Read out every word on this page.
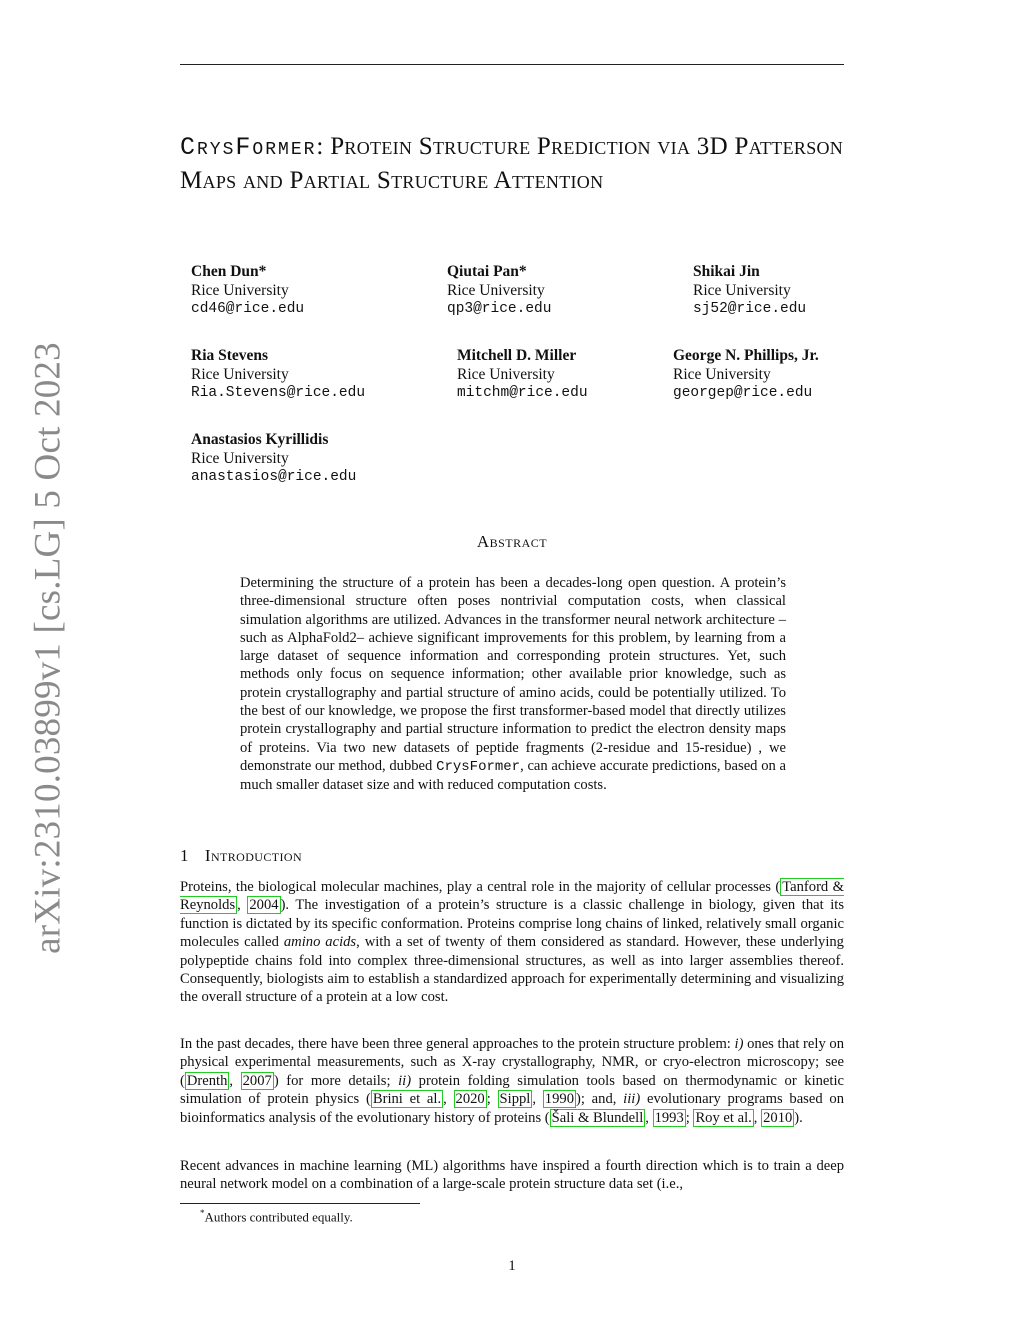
arXiv:2310.03899v1 [cs.LG] 5 Oct 2023
CrysFormer: Protein Structure Prediction via 3D Patterson Maps and Partial Structure Attention
Chen Dun*
Rice University
cd46@rice.edu
Qiutai Pan*
Rice University
qp3@rice.edu
Shikai Jin
Rice University
sj52@rice.edu
Ria Stevens
Rice University
Ria.Stevens@rice.edu
Mitchell D. Miller
Rice University
mitchm@rice.edu
George N. Phillips, Jr.
Rice University
georgep@rice.edu
Anastasios Kyrillidis
Rice University
anastasios@rice.edu
Abstract
Determining the structure of a protein has been a decades-long open question. A protein’s three-dimensional structure often poses nontrivial computation costs, when classical simulation algorithms are utilized. Advances in the transformer neural network architecture –such as AlphaFold2– achieve significant improvements for this problem, by learning from a large dataset of sequence information and corresponding protein structures. Yet, such methods only focus on sequence information; other available prior knowledge, such as protein crystallography and partial structure of amino acids, could be potentially utilized. To the best of our knowledge, we propose the first transformer-based model that directly utilizes protein crystallography and partial structure information to predict the electron density maps of proteins. Via two new datasets of peptide fragments (2-residue and 15-residue) , we demonstrate our method, dubbed CrysFormer, can achieve accurate predictions, based on a much smaller dataset size and with reduced computation costs.
1 Introduction

Proteins, the biological molecular machines, play a central role in the majority of cellular processes ( Tanford & Reynolds , 2004 ). The investigation of a protein’s structure is a classic challenge in biology, given that its function is dictated by its specific conformation. Proteins comprise long chains of linked, relatively small organic molecules called amino acids, with a set of twenty of them considered as standard. However, these underlying polypeptide chains fold into complex three-dimensional structures, as well as into larger assemblies thereof. Consequently, biologists aim to establish a standardized approach for experimentally determining and visualizing the overall structure of a protein at a low cost.

In the past decades, there have been three general approaches to the protein structure problem: i) ones that rely on physical experimental measurements, such as X-ray crystallography, NMR, or cryo-electron microscopy; see ( Drenth , 2007 ) for more details; ii) protein folding simulation tools based on thermodynamic or kinetic simulation of protein physics ( Brini et al. , 2020 ; Sippl , 1990 ); and, iii) evolutionary programs based on bioinformatics analysis of the evolutionary history of proteins ( Šali & Blundell , 1993 ; Roy et al. , 2010 ).

Recent advances in machine learning (ML) algorithms have inspired a fourth direction which is to train a deep neural network model on a combination of a large-scale protein structure data set (i.e.,

*Authors contributed equally.
1
